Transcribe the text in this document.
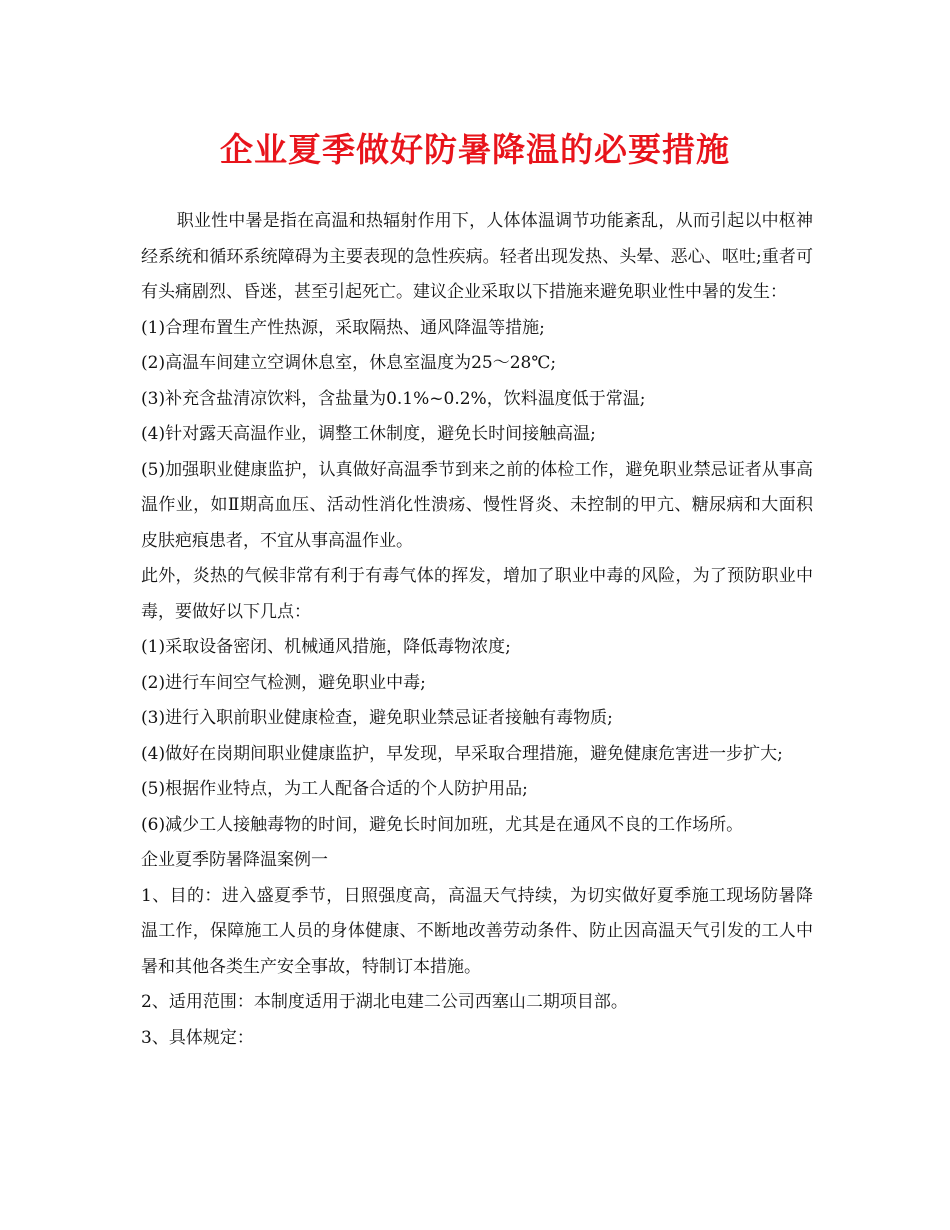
企业夏季做好防暑降温的必要措施

职业性中暑是指在高温和热辐射作用下，人体体温调节功能紊乱，从而引起以中枢神经系统和循环系统障碍为主要表现的急性疾病。轻者出现发热、头晕、恶心、呕吐;重者可有头痛剧烈、昏迷，甚至引起死亡。建议企业采取以下措施来避免职业性中暑的发生：

(1)合理布置生产性热源，采取隔热、通风降温等措施;

(2)高温车间建立空调休息室，休息室温度为25～28℃;

(3)补充含盐清凉饮料，含盐量为0.1%~0.2%，饮料温度低于常温;

(4)针对露天高温作业，调整工休制度，避免长时间接触高温;

(5)加强职业健康监护，认真做好高温季节到来之前的体检工作，避免职业禁忌证者从事高温作业，如Ⅱ期高血压、活动性消化性溃疡、慢性肾炎、未控制的甲亢、糖尿病和大面积皮肤疤痕患者，不宜从事高温作业。

此外，炎热的气候非常有利于有毒气体的挥发，增加了职业中毒的风险，为了预防职业中毒，要做好以下几点：

(1)采取设备密闭、机械通风措施，降低毒物浓度;

(2)进行车间空气检测，避免职业中毒;

(3)进行入职前职业健康检查，避免职业禁忌证者接触有毒物质;

(4)做好在岗期间职业健康监护，早发现，早采取合理措施，避免健康危害进一步扩大;

(5)根据作业特点，为工人配备合适的个人防护用品;

(6)减少工人接触毒物的时间，避免长时间加班，尤其是在通风不良的工作场所。

企业夏季防暑降温案例一

1、目的：进入盛夏季节，日照强度高，高温天气持续，为切实做好夏季施工现场防暑降温工作，保障施工人员的身体健康、不断地改善劳动条件、防止因高温天气引发的工人中暑和其他各类生产安全事故，特制订本措施。

2、适用范围：本制度适用于湖北电建二公司西塞山二期项目部。

3、具体规定：
